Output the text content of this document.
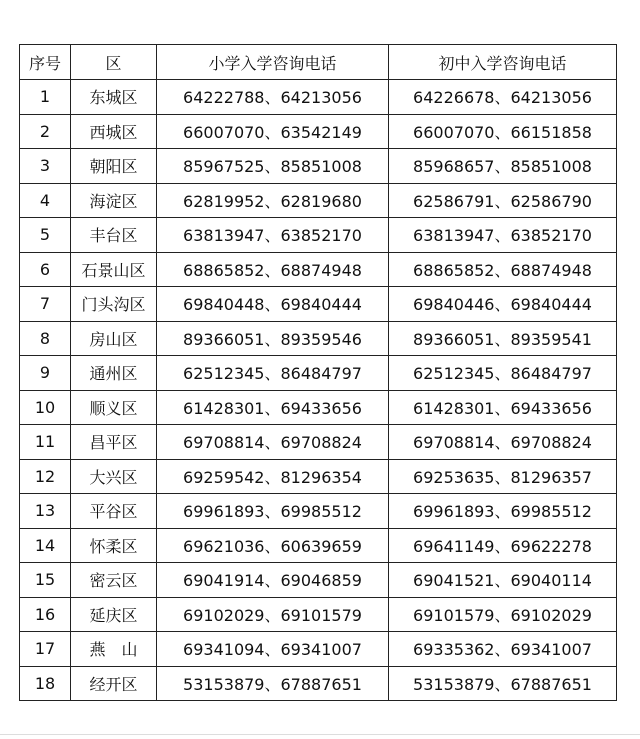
序号	区	小学入学咨询电话	初中入学咨询电话
1	东城区	64222788、64213056	64226678、64213056
2	西城区	66007070、63542149	66007070、66151858
3	朝阳区	85967525、85851008	85968657、85851008
4	海淀区	62819952、62819680	62586791、62586790
5	丰台区	63813947、63852170	63813947、63852170
6	石景山区	68865852、68874948	68865852、68874948
7	门头沟区	69840448、69840444	69840446、69840444
8	房山区	89366051、89359546	89366051、89359541
9	通州区	62512345、86484797	62512345、86484797
10	顺义区	61428301、69433656	61428301、69433656
11	昌平区	69708814、69708824	69708814、69708824
12	大兴区	69259542、81296354	69253635、81296357
13	平谷区	69961893、69985512	69961893、69985512
14	怀柔区	69621036、60639659	69641149、69622278
15	密云区	69041914、69046859	69041521、69040114
16	延庆区	69102029、69101579	69101579、69102029
17	燕　山	69341094、69341007	69335362、69341007
18	经开区	53153879、67887651	53153879、67887651
